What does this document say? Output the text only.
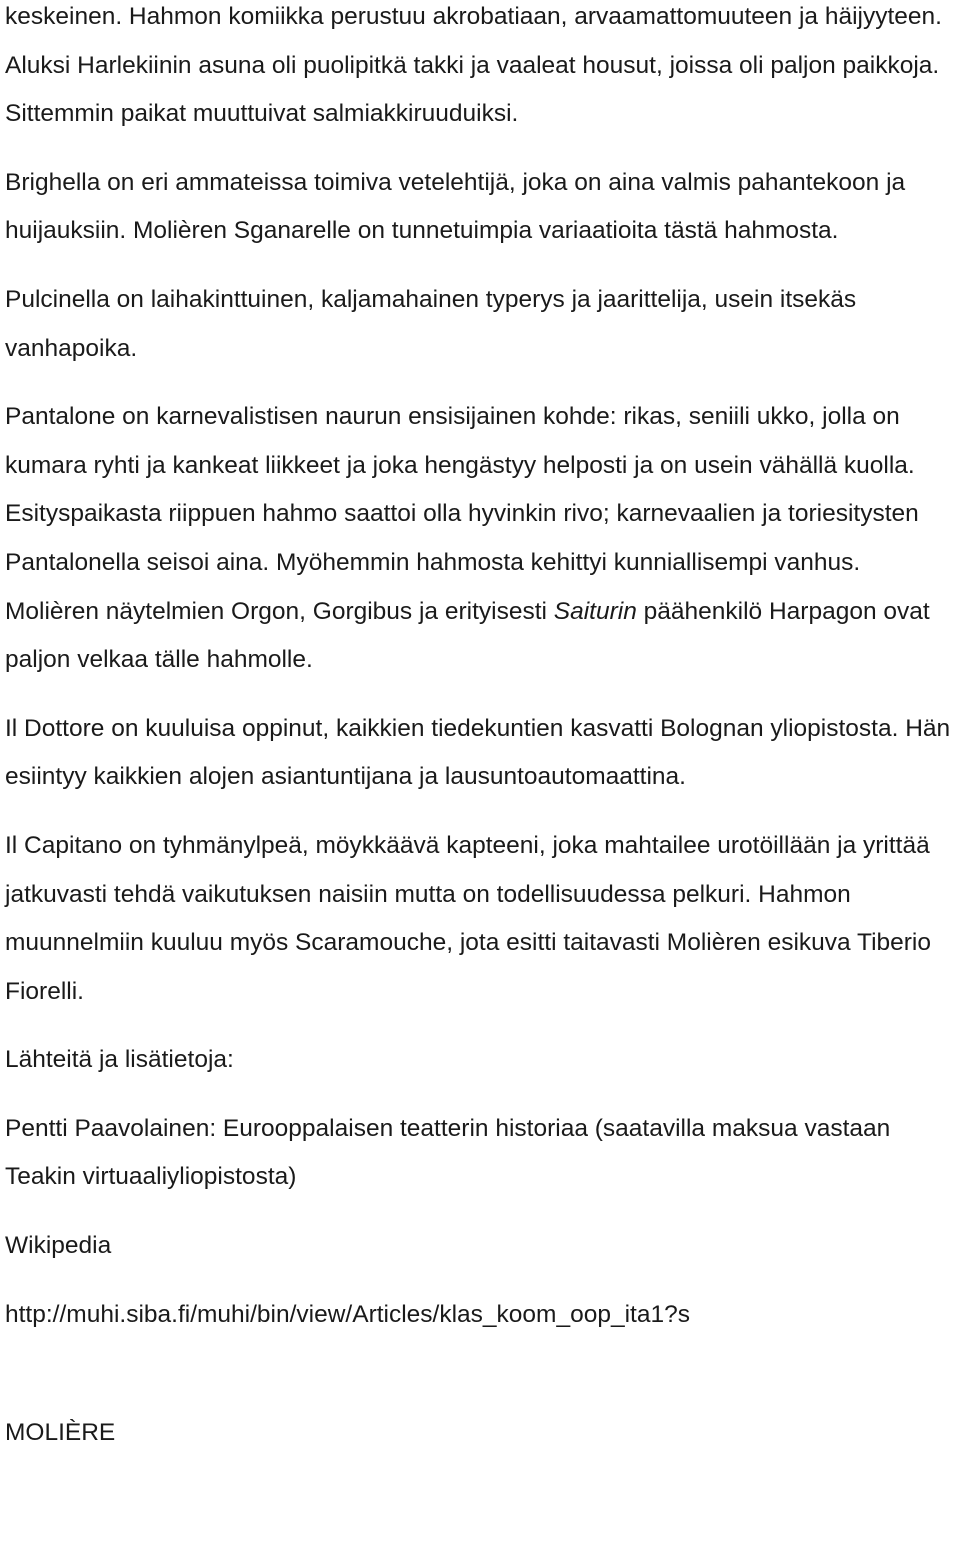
keskeinen. Hahmon komiikka perustuu akrobatiaan, arvaamattomuuteen ja häijyyteen. Aluksi Harlekiinin asuna oli puolipitkä takki ja vaaleat housut, joissa oli paljon paikkoja. Sittemmin paikat muuttuivat salmiakkiruuduiksi.

Brighella on eri ammateissa toimiva vetelehtijä, joka on aina valmis pahantekoon ja huijauksiin. Molièren Sganarelle on tunnetuimpia variaatioita tästä hahmosta.

Pulcinella on laihakinttuinen, kaljamahainen typerys ja jaarittelija, usein itsekäs vanhapoika.

Pantalone on karnevalistisen naurun ensisijainen kohde: rikas, seniili ukko, jolla on kumara ryhti ja kankeat liikkeet ja joka hengästyy helposti ja on usein vähällä kuolla. Esityspaikasta riippuen hahmo saattoi olla hyvinkin rivo; karnevaalien ja toriesitysten Pantalonella seisoi aina. Myöhemmin hahmosta kehittyi kunniallisempi vanhus. Molièren näytelmien Orgon, Gorgibus ja erityisesti Saiturin päähenkilö Harpagon ovat paljon velkaa tälle hahmolle.

Il Dottore on kuuluisa oppinut, kaikkien tiedekuntien kasvatti Bolognan yliopistosta. Hän esiintyy kaikkien alojen asiantuntijana ja lausuntoautomaattina.

Il Capitano on tyhmänylpeä, möykkäävä kapteeni, joka mahtailee urotöillään ja yrittää jatkuvasti tehdä vaikutuksen naisiin mutta on todellisuudessa pelkuri. Hahmon muunnelmiin kuuluu myös Scaramouche, jota esitti taitavasti Molièren esikuva Tiberio Fiorelli.

Lähteitä ja lisätietoja:

Pentti Paavolainen: Eurooppalaisen teatterin historiaa (saatavilla maksua vastaan Teakin virtuaaliyliopistosta)

Wikipedia

http://muhi.siba.fi/muhi/bin/view/Articles/klas_koom_oop_ita1?s

MOLIÈRE
